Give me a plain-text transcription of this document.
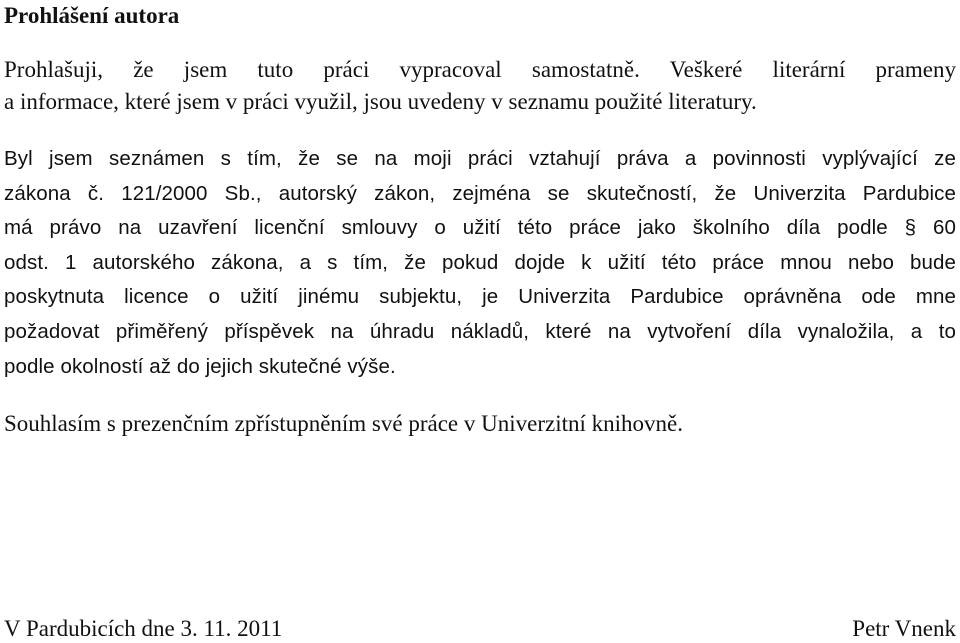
Prohlášení autora
Prohlašuji, že jsem tuto práci vypracoval samostatně. Veškeré literární prameny
a informace, které jsem v práci využil, jsou uvedeny v seznamu použité literatury.
Byl jsem seznámen s tím, že se na moji práci vztahují práva a povinnosti vyplývající ze
zákona č. 121/2000 Sb., autorský zákon, zejména se skutečností, že Univerzita Pardubice
má právo na uzavření licenční smlouvy o užití této práce jako školního díla podle § 60
odst. 1 autorského zákona, a s tím, že pokud dojde k užití této práce mnou nebo bude
poskytnuta licence o užití jinému subjektu, je Univerzita Pardubice oprávněna ode mne
požadovat přiměřený příspěvek na úhradu nákladů, které na vytvoření díla vynaložila, a to
podle okolností až do jejich skutečné výše.

Souhlasím s prezenčním zpřístupněním své práce v Univerzitní knihovně.

V Pardubicích dne 3. 11. 2011	Petr Vnenk
